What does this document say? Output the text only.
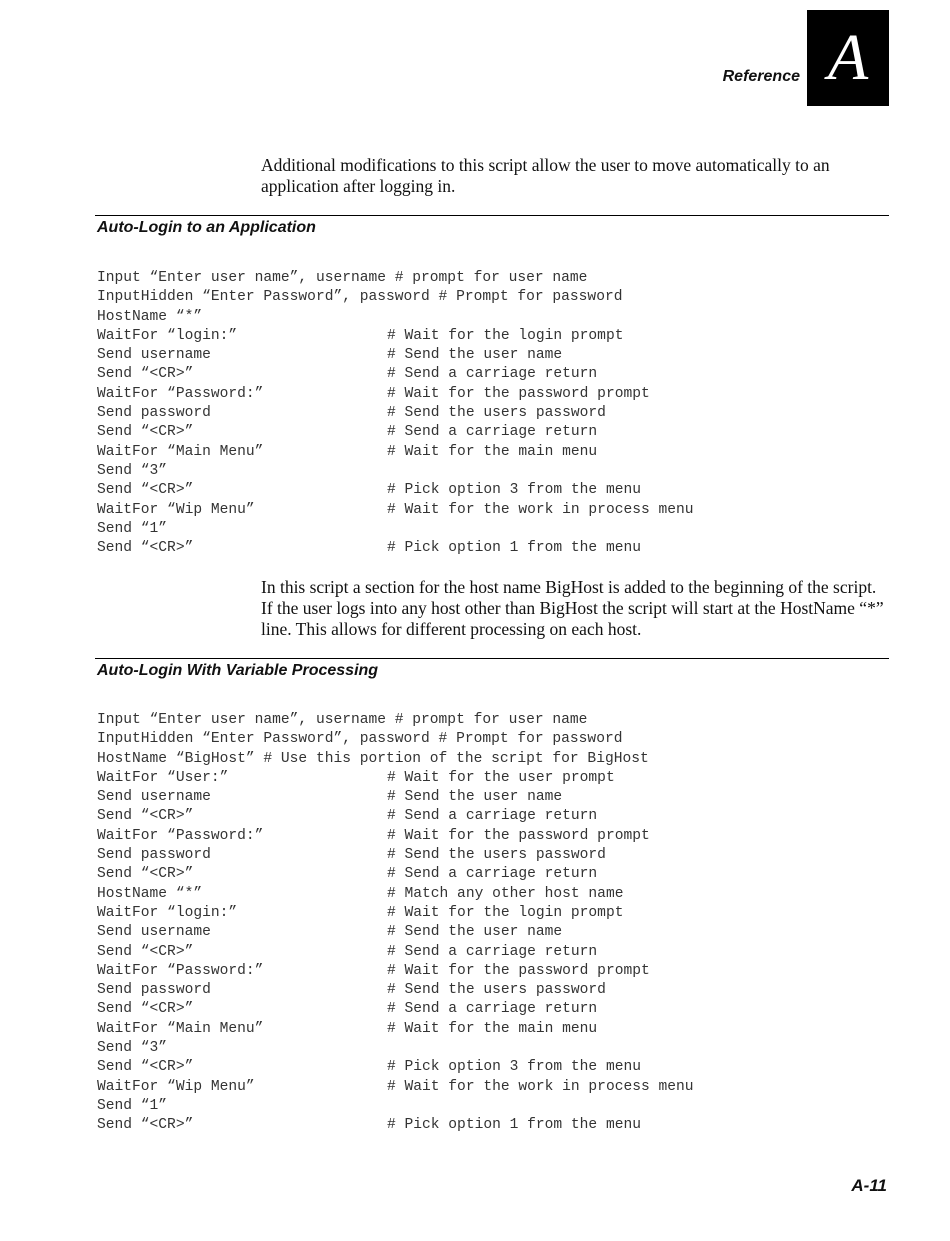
Reference A
Additional modifications to this script allow the user to move automatically to an application after logging in.
Auto-Login to an Application
Input “Enter user name”, username # prompt for user name
InputHidden “Enter Password”, password # Prompt for password
HostName “*”
WaitFor “login:”	# Wait for the login prompt
Send username	# Send the user name
Send “<CR>”	# Send a carriage return
WaitFor “Password:”	# Wait for the password prompt
Send password	# Send the users password
Send “<CR>”	# Send a carriage return
WaitFor “Main Menu”	# Wait for the main menu
Send “3”
Send “<CR>”	# Pick option 3 from the menu
WaitFor “Wip Menu”	# Wait for the work in process menu
Send “1”
Send “<CR>”	# Pick option 1 from the menu
In this script a section for the host name BigHost is added to the beginning of the script. If the user logs into any host other than BigHost the script will start at the HostName “*” line. This allows for different processing on each host.
Auto-Login With Variable Processing
Input “Enter user name”, username # prompt for user name
InputHidden “Enter Password”, password # Prompt for password
HostName “BigHost” # Use this portion of the script for BigHost
WaitFor “User:”	# Wait for the user prompt
Send username	# Send the user name
Send “<CR>”	# Send a carriage return
WaitFor “Password:”	# Wait for the password prompt
Send password	# Send the users password
Send “<CR>”	# Send a carriage return
HostName “*”	# Match any other host name
WaitFor “login:”	# Wait for the login prompt
Send username	# Send the user name
Send “<CR>”	# Send a carriage return
WaitFor “Password:”	# Wait for the password prompt
Send password	# Send the users password
Send “<CR>”	# Send a carriage return
WaitFor “Main Menu”	# Wait for the main menu
Send “3”
Send “<CR>”	# Pick option 3 from the menu
WaitFor “Wip Menu”	# Wait for the work in process menu
Send “1”
Send “<CR>”	# Pick option 1 from the menu
A-11
